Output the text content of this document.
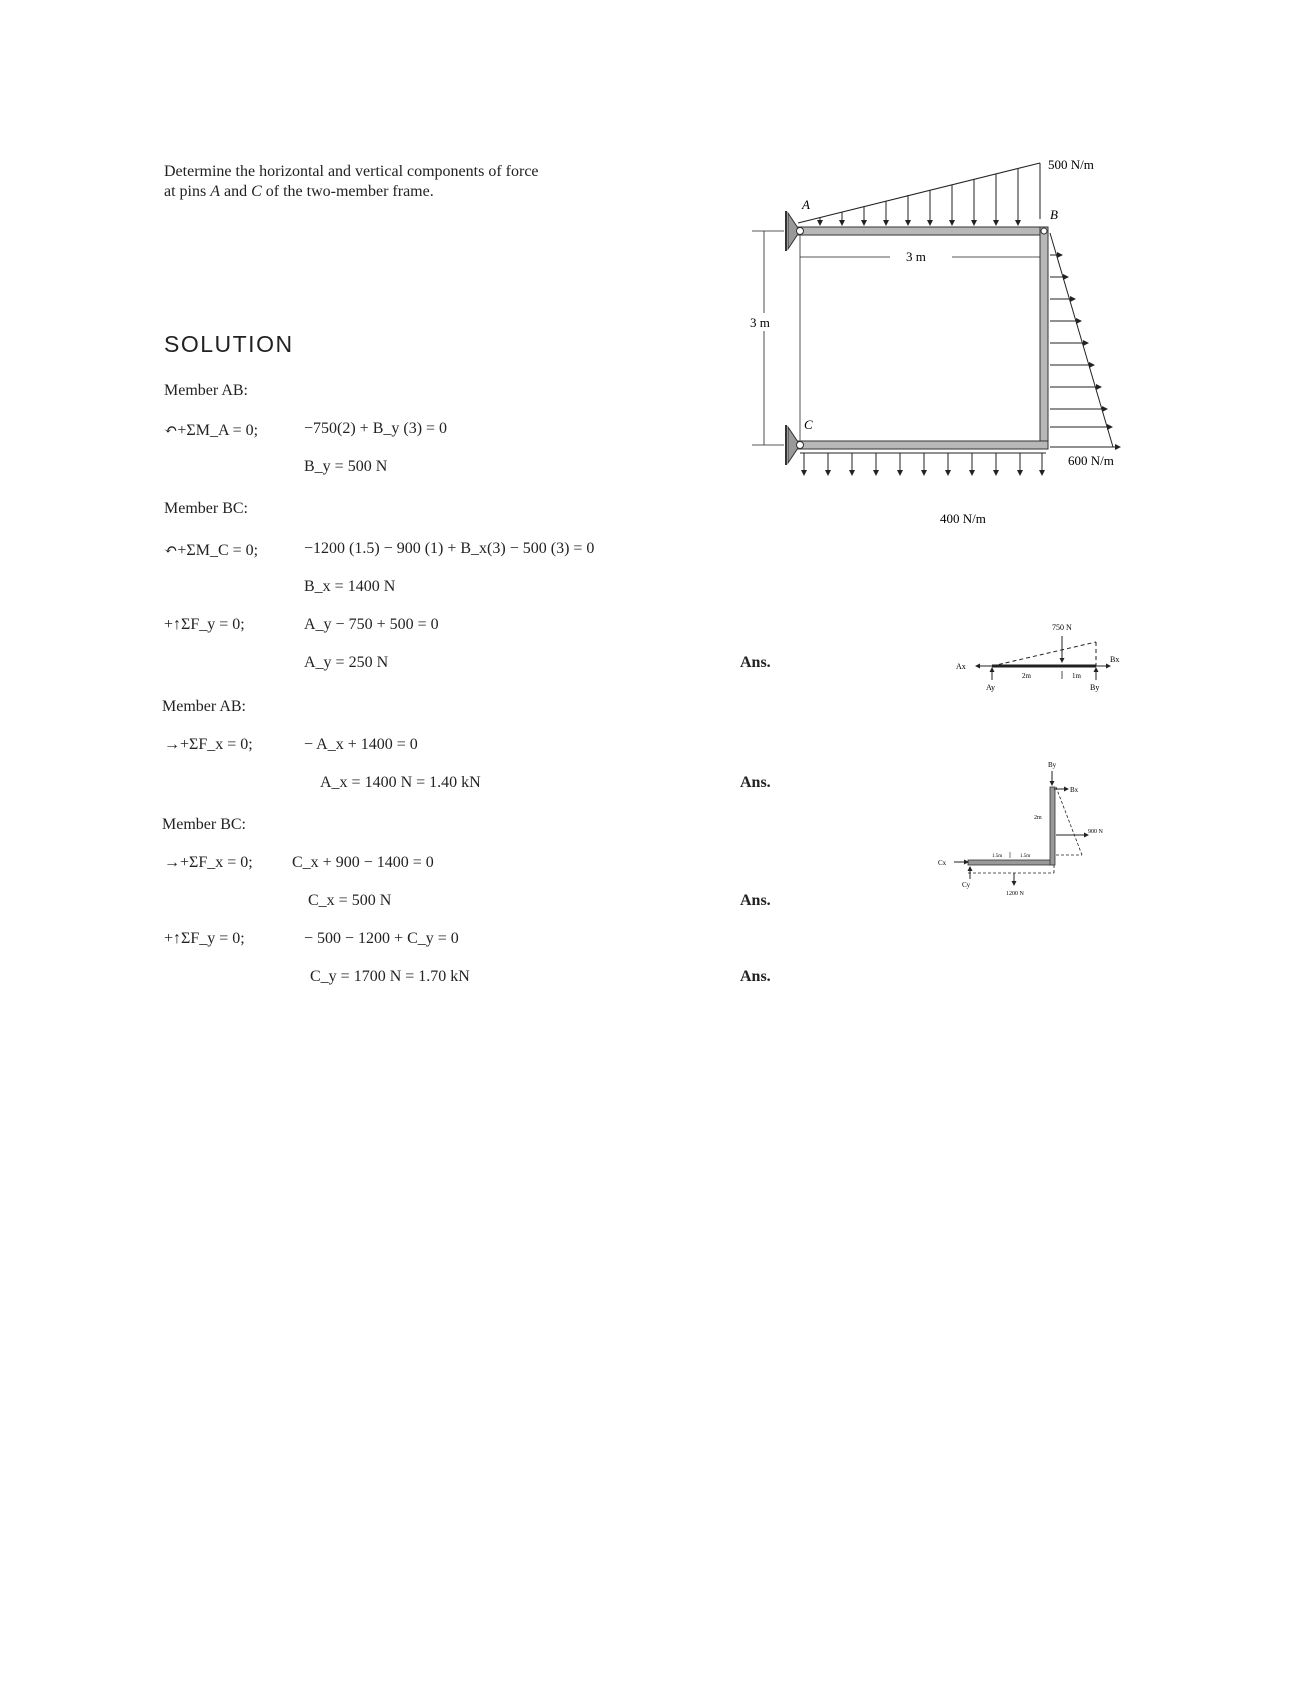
Determine the horizontal and vertical components of force
at pins A and C of the two-member frame.
SOLUTION
Member AB:
↶+ΣM_A = 0;	−750(2) + B_y (3) = 0
B_y = 500 N
Member BC:
↶+ΣM_C = 0;	−1200 (1.5) − 900 (1) + B_x(3) − 500 (3) = 0
B_x = 1400 N
+↑ΣF_y = 0;	A_y − 750 + 500 = 0
A_y = 250 N	Ans.
Member AB:
→+ΣF_x = 0;	− A_x + 1400 = 0
A_x = 1400 N = 1.40 kN	Ans.
Member BC:
→+ΣF_x = 0; C_x + 900 − 1400 = 0
C_x = 500 N	Ans.
+↑ΣF_y = 0;	− 500 − 1200 + C_y = 0
C_y = 1700 N = 1.70 kN	Ans.
500 N/m
A
B
C
3 m
3 m
600 N/m
400 N/m
750 N
Ax
Bx
Ay	By
2m	1m
By
Bx
2m
900 N
1.5m	1.5m
Cx
Cy
1200 N
